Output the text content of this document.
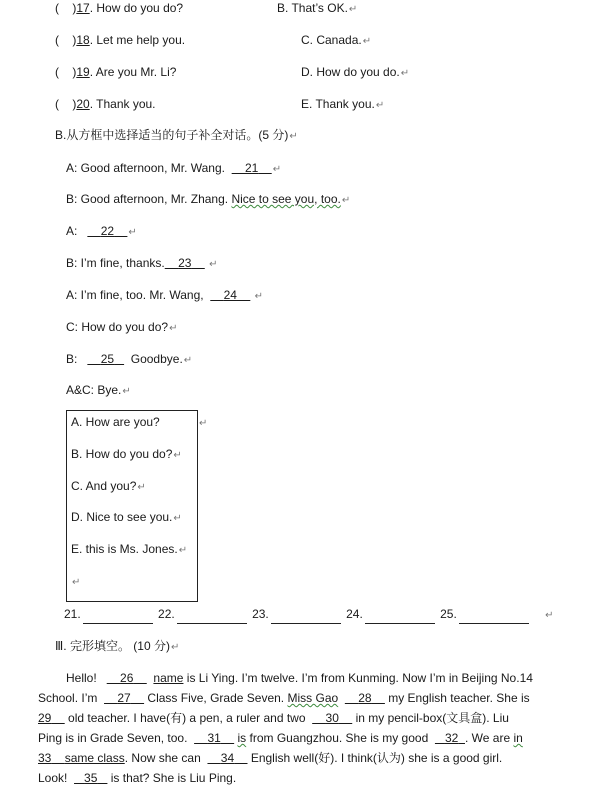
(    )17. How do you do?	B. That’s OK.↵
(    )18. Let me help you.	C. Canada.↵
(    )19. Are you Mr. Li?	D. How do you do.↵
(    )20. Thank you.	E. Thank you.↵
B.从方框中选择适当的句子补全对话。(5 分)↵
A: Good afternoon, Mr. Wang. 21 ↵
B: Good afternoon, Mr. Zhang. Nice to see you, too.↵
A: 22 ↵
B: I’m fine, thanks. 23 ↵
A: I’m fine, too. Mr. Wang, 24 ↵
C: How do you do?↵
B: 25 Goodbye.↵
A&C: Bye.↵
A. How are you?	↵
B. How do you do?↵
C. And you?↵
D. Nice to see you.↵
E. this is Ms. Jones.↵
↵
21.	22.	23.	24.	25.	↵
Ⅲ. 完形填空。 (10 分)↵
Hello! 26 name is Li Ying. I’m twelve. I’m from Kunming. Now I’m in Beijing No.14
School. I’m 27     Class Five, Grade Seven. Miss Gao 28     my English teacher. She is
29     old teacher. I have(有) a pen, a ruler and two 30     in my pencil-box(文具盒). Liu
Ping is in Grade Seven, too. 31 is from Guangzhou. She is my good 32 . We are in
33 same class. Now she can 34     English well(好). I think(认为) she is a good girl.
Look! 35    is that? She is Liu Ping.
